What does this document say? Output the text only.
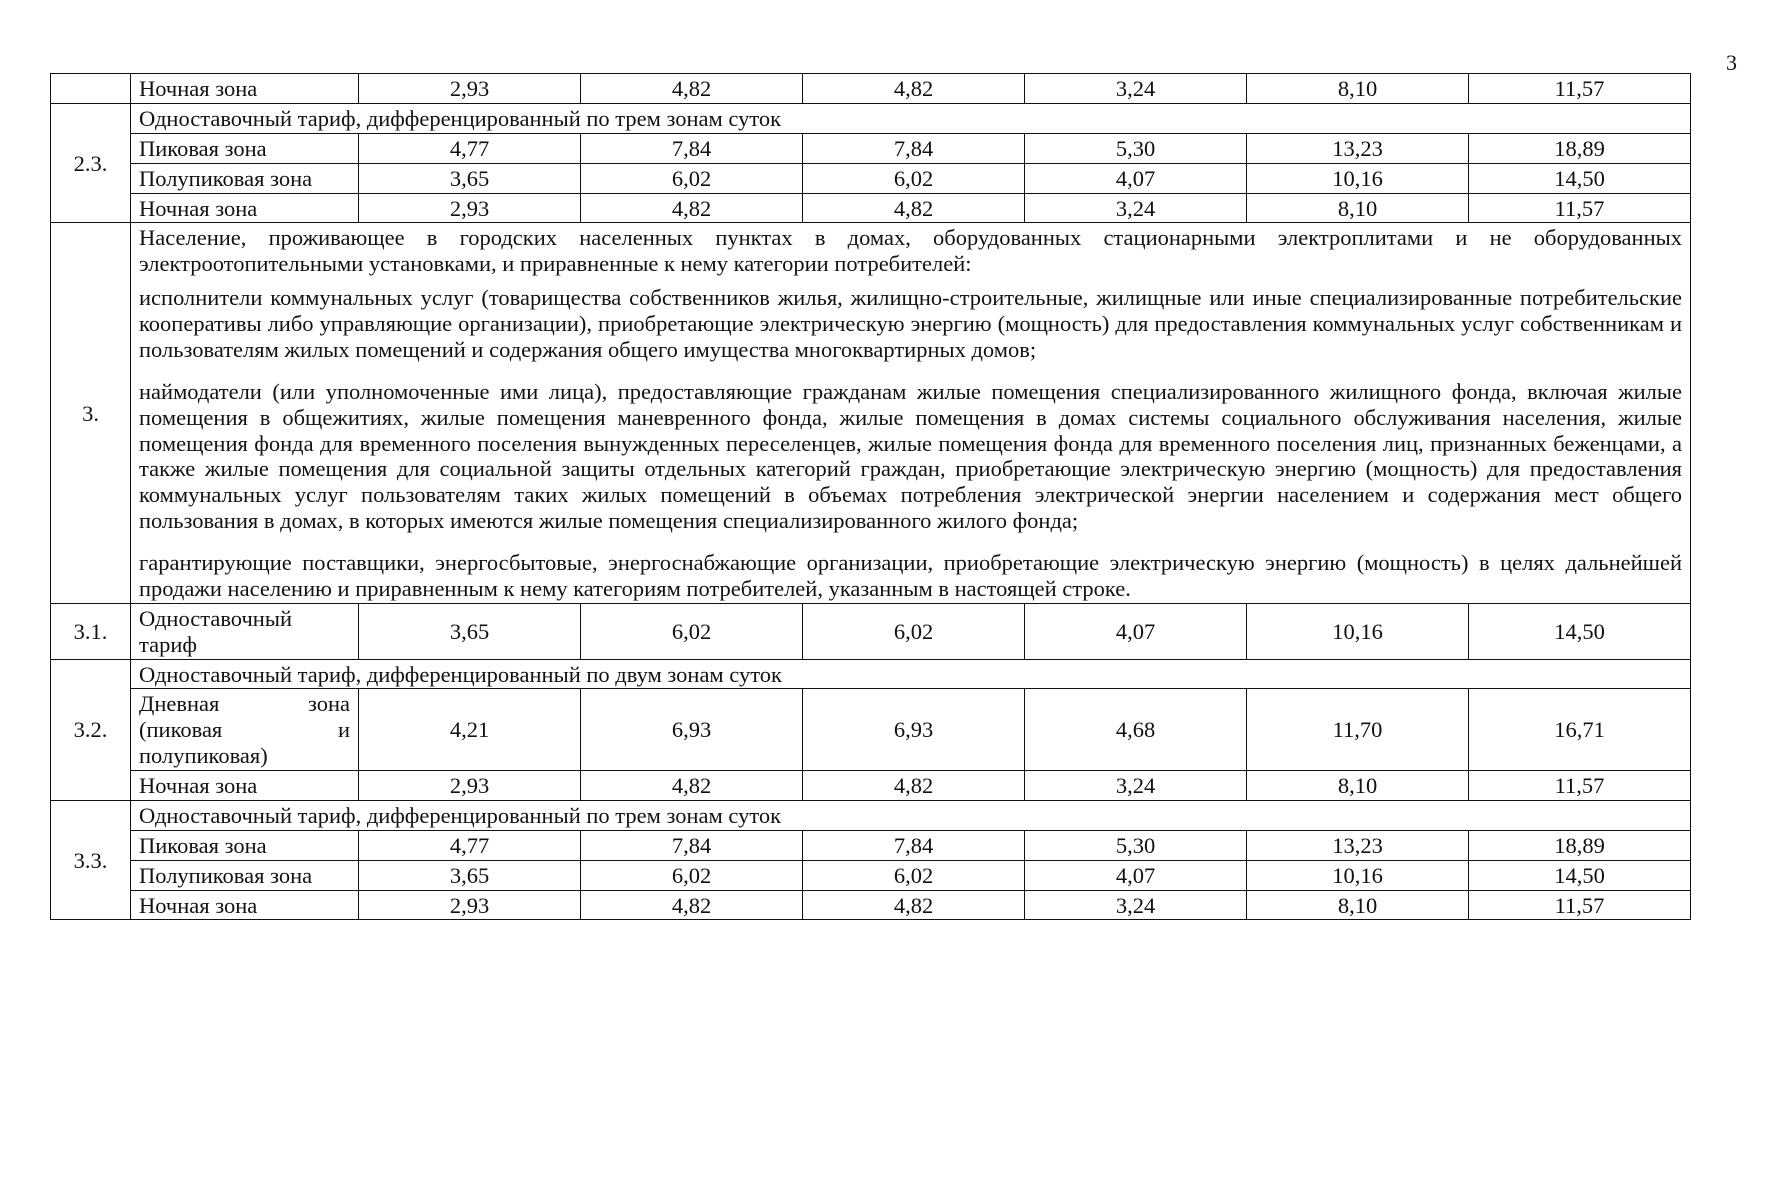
3
	Ночная зона	2,93	4,82	4,82	3,24	8,10	11,57
2.3.	Одноставочный тариф, дифференцированный по трем зонам суток						
	Пиковая зона	4,77	7,84	7,84	5,30	13,23	18,89
	Полупиковая зона	3,65	6,02	6,02	4,07	10,16	14,50
	Ночная зона	2,93	4,82	4,82	3,24	8,10	11,57
3.	Население, проживающее в городских населенных пунктах в домах, оборудованных стационарными электроплитами и не оборудованных электроотопительными установками, и приравненные к нему категории потребителей:

исполнители коммунальных услуг (товарищества собственников жилья, жилищно-строительные, жилищные или иные специализированные потребительские кооперативы либо управляющие организации), приобретающие электрическую энергию (мощность) для предоставления коммунальных услуг собственникам и пользователям жилых помещений и содержания общего имущества многоквартирных домов;

наймодатели (или уполномоченные ими лица), предоставляющие гражданам жилые помещения специализированного жилищного фонда, включая жилые помещения в общежитиях, жилые помещения маневренного фонда, жилые помещения в домах системы социального обслуживания населения, жилые помещения фонда для временного поселения вынужденных переселенцев, жилые помещения фонда для временного поселения лиц, признанных беженцами, а также жилые помещения для социальной защиты отдельных категорий граждан, приобретающие электрическую энергию (мощность) для предоставления коммунальных услуг пользователям таких жилых помещений в объемах потребления электрической энергии населением и содержания мест общего пользования в домах, в которых имеются жилые помещения специализированного жилого фонда;

гарантирующие поставщики, энергосбытовые, энергоснабжающие организации, приобретающие электрическую энергию (мощность) в целях дальнейшей продажи населению и приравненным к нему категориям потребителей, указанным в настоящей строке.						

3.1.	Одноставочный тариф	3,65	6,02	6,02	4,07	10,16	14,50
3.2.	Одноставочный тариф, дифференцированный по двум зонам суток						
	Дневная зона (пиковая и полупиковая)	4,21	6,93	6,93	4,68	11,70	16,71
	Ночная зона	2,93	4,82	4,82	3,24	8,10	11,57
3.3.	Одноставочный тариф, дифференцированный по трем зонам суток						
	Пиковая зона	4,77	7,84	7,84	5,30	13,23	18,89
	Полупиковая зона	3,65	6,02	6,02	4,07	10,16	14,50
	Ночная зона	2,93	4,82	4,82	3,24	8,10	11,57
